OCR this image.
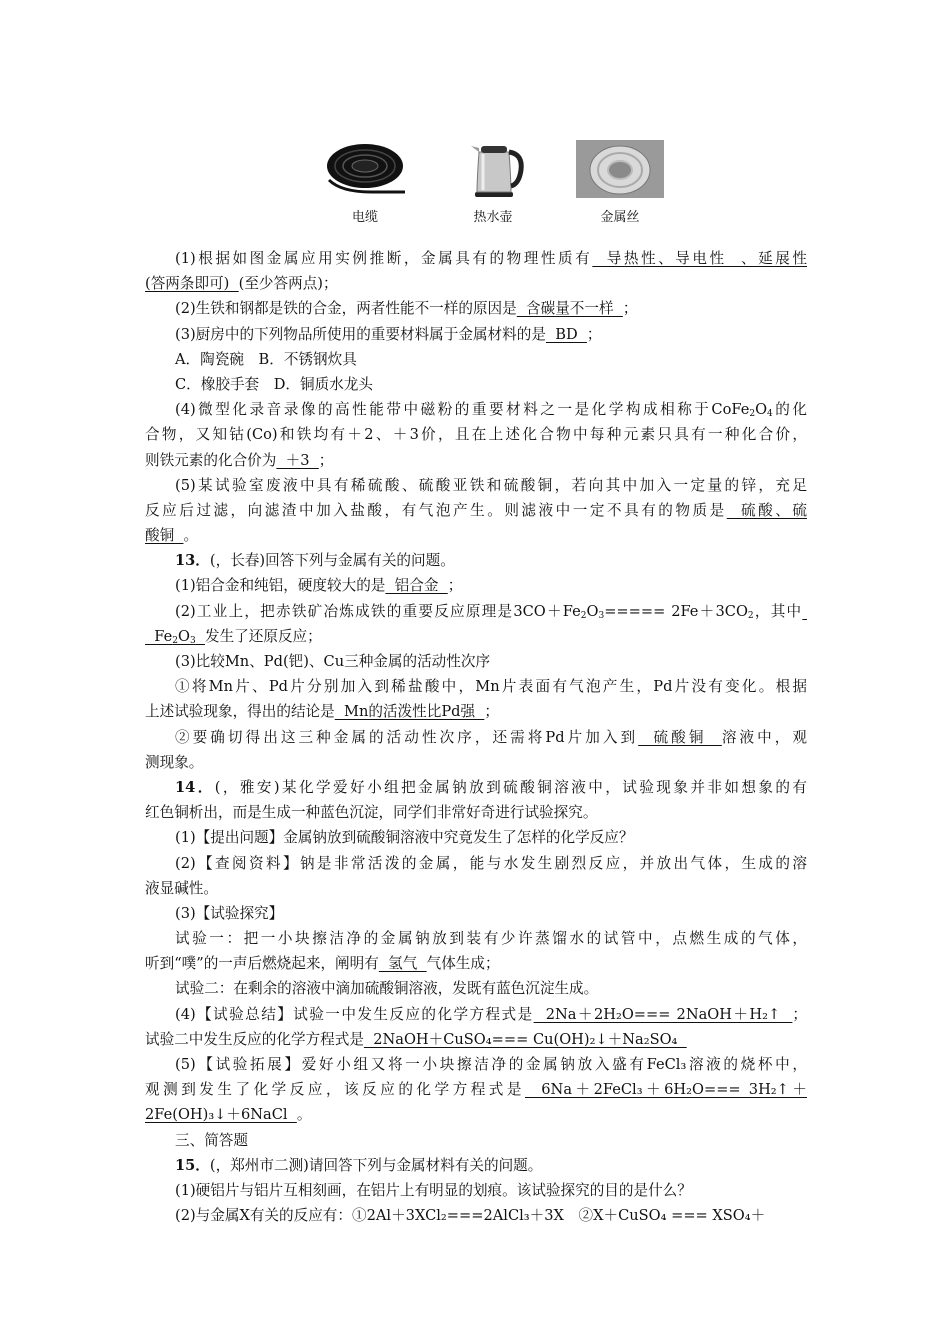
电缆	热水壶	金属丝
(1)根据如图金属应用实例推断，金属具有的物理性质有  导热性、导电性  、延展性
(答两条即可)  (至少答两点)；
(2)生铁和钢都是铁的合金，两者性能不一样的原因是  含碳量不一样  ；
(3)厨房中的下列物品所使用的重要材料属于金属材料的是  BD  ；
A．陶瓷碗　B．不锈钢炊具
C．橡胶手套　D．铜质水龙头
(4)微型化录音录像的高性能带中磁粉的重要材料之一是化学构成相称于$CoFe_2O_4$的化
合物，又知钴(Co)和铁均有＋2、＋3价，且在上述化合物中每种元素只具有一种化合价，
则铁元素的化合价为  ＋3  ；
(5)某试验室废液中具有稀硫酸、硫酸亚铁和硫酸铜，若向其中加入一定量的锌，充足
反应后过滤，向滤渣中加入盐酸，有气泡产生。则滤液中一定不具有的物质是  硫酸、硫
酸铜  。
13．(，长春)回答下列与金属有关的问题。
(1)铝合金和纯铝，硬度较大的是  铝合金  ；
(2)工业上，把赤铁矿冶炼成铁的重要反应原理是$3CO+Fe_2O_3===== 2Fe+3CO_2$，其中
$Fe_2O_3$ 发生了还原反应；
(3)比较Mn、Pd(钯)、Cu三种金属的活动性次序
①将Mn片、Pd片分别加入到稀盐酸中，Mn片表面有气泡产生，Pd片没有变化。根据
上述试验现象，得出的结论是  Mn的活泼性比Pd强  ；
②要确切得出这三种金属的活动性次序，还需将Pd片加入到  硫酸铜  溶液中，观
测现象。
14．(，雅安)某化学爱好小组把金属钠放到硫酸铜溶液中，试验现象并非如想象的有
红色铜析出，而是生成一种蓝色沉淀，同学们非常好奇进行试验探究。
(1)【提出问题】金属钠放到硫酸铜溶液中究竟发生了怎样的化学反应？
(2)【查阅资料】钠是非常活泼的金属，能与水发生剧烈反应，并放出气体，生成的溶
液显碱性。
(3)【试验探究】
试验一：把一小块擦洁净的金属钠放到装有少许蒸馏水的试管中，点燃生成的气体，
听到“噗”的一声后燃烧起来，阐明有  氢气  气体生成；
试验二：在剩余的溶液中滴加硫酸铜溶液，发既有蓝色沉淀生成。
(4)【试验总结】试验一中发生反应的化学方程式是  2Na＋2H₂O=== 2NaOH＋H₂↑  ；
试验二中发生反应的化学方程式是  2NaOH＋CuSO₄=== Cu(OH)₂↓＋Na₂SO₄
(5)【试验拓展】爱好小组又将一小块擦洁净的金属钠放入盛有FeCl₃溶液的烧杯中，
观测到发生了化学反应，该反应的化学方程式是  6Na＋2FeCl₃＋6H₂O=== 3H₂↑＋
2Fe(OH)₃↓＋6NaCl  。
三、简答题
15．(，郑州市二测)请回答下列与金属材料有关的问题。
(1)硬铝片与铝片互相刻画，在铝片上有明显的划痕。该试验探究的目的是什么？
(2)与金属X有关的反应有：①2Al＋3XCl₂===2AlCl₃＋3X　②X＋CuSO₄ === XSO₄＋
